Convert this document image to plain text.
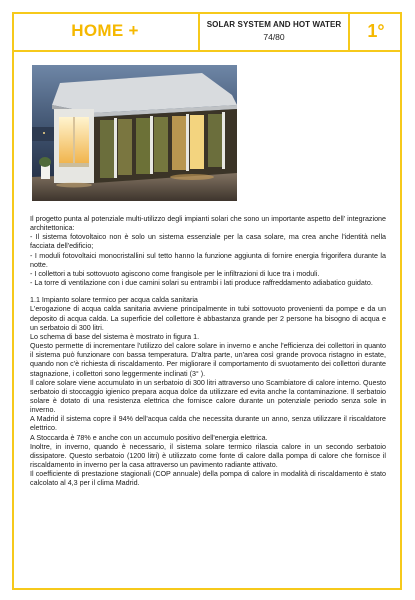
HOME +	SOLAR SYSTEM AND HOT WATER
74/80	1°

Il progetto punta al potenziale multi-utilizzo degli impianti solari che sono un importante aspetto dell' integrazione architettonica:

- Il sistema fotovoltaico non è solo un sistema essenziale per la casa solare, ma crea anche l'identità nella facciata dell'edificio;

- I moduli fotovoltaici monocristallini sul tetto hanno la funzione aggiunta di fornire energia frigorifera durante la notte.

- I collettori a tubi sottovuoto agiscono come frangisole per le infiltrazioni di luce tra i moduli.

- La torre di ventilazione con i due camini solari su entrambi i lati produce raffreddamento adiabatico guidato.

1.1 Impianto solare termico per acqua calda sanitaria

L'erogazione di acqua calda sanitaria avviene principalmente in tubi sottovuoto provenienti da pompe e da un deposito di acqua calda. La superficie del collettore è abbastanza grande per 2 persone ha bisogno di acqua e un serbatoio di 300 litri.

Lo schema di base del sistema è mostrato in figura 1.

Questo permette di incrementare l'utilizzo del calore solare in inverno e anche l'efficienza dei collettori in quanto il sistema può funzionare con bassa temperatura. D'altra parte, un'area così grande provoca ristagno in estate, quando non c'è richiesta di riscaldamento. Per migliorare il comportamento di svuotamento dei collettori durante stagnazione, i collettori sono leggermente inclinati (3° ).

Il calore solare viene accumulato in un serbatoio di 300 litri attraverso uno Scambiatore di calore interno. Questo serbatoio di stoccaggio igienico prepara acqua dolce da utilizzare ed evita anche la contaminazione. Il serbatoio solare è dotato di una resistenza elettrica che fornisce calore durante un potenziale periodo senza sole in inverno.

A Madrid il sistema copre il 94% dell'acqua calda che necessita durante un anno, senza utilizzare il riscaldatore elettrico.

A Stoccarda è 78% e anche con un accumulo positivo dell'energia elettrica.

Inoltre, in inverno, quando è necessario, il sistema solare termico rilascia calore in un secondo serbatoio dissipatore. Questo serbatoio (1200 litri) è utilizzato come fonte di calore dalla pompa di calore che fornisce il riscaldamento in inverno per la casa attraverso un pavimento radiante attivato.

Il coefficiente di prestazione stagionali (COP annuale) della pompa di calore in modalità di riscaldamento è stato calcolato al 4,3 per il clima Madrid.
